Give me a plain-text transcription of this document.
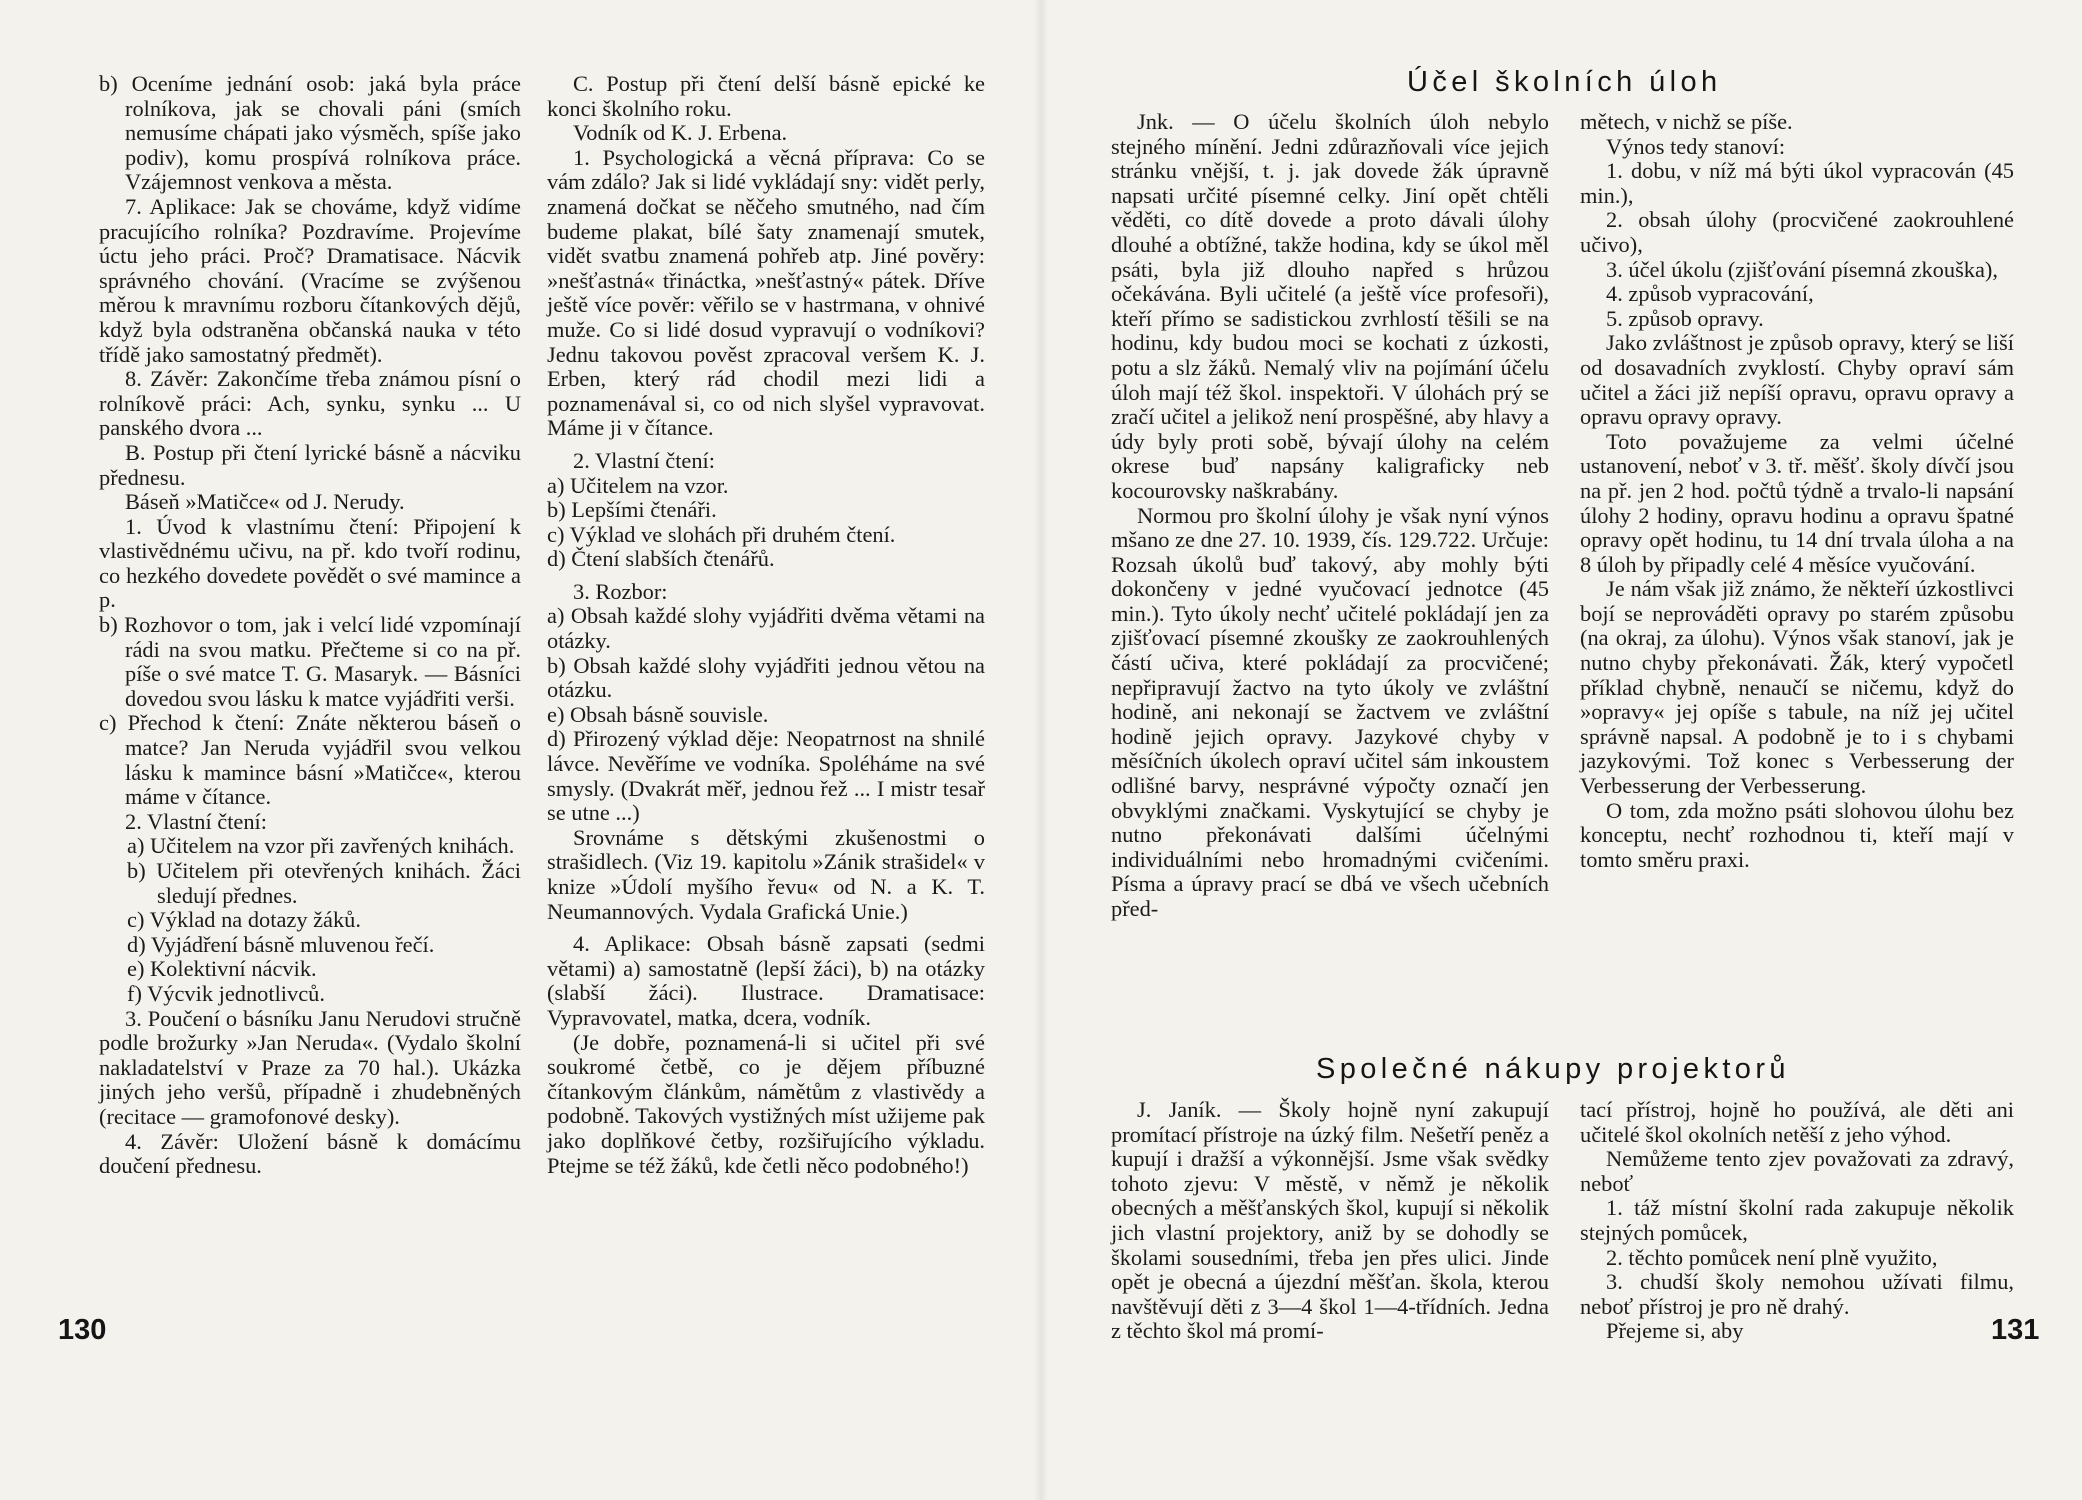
b) Oceníme jednání osob: jaká byla práce rolníkova, jak se chovali páni (smích nemusíme chápati jako výsměch, spíše jako podiv), komu prospívá rolníkova práce. Vzájemnost venkova a města.

7. Aplikace: Jak se chováme, když vidíme pracujícího rolníka? Pozdravíme. Projevíme úctu jeho práci. Proč? Dramatisace. Nácvik správného chování. (Vracíme se zvýšenou měrou k mravnímu rozboru čítankových dějů, když byla odstraněna občanská nauka v této třídě jako samostatný předmět).

8. Závěr: Zakončíme třeba známou písní o rolníkově práci: Ach, synku, synku ... U panského dvora ...

B. Postup při čtení lyrické básně a nácviku přednesu.

Báseň »Matičce« od J. Nerudy.

1. Úvod k vlastnímu čtení: Připojení k vlastivědnému učivu, na př. kdo tvoří rodinu, co hezkého dovedete povědět o své mamince a p.

b) Rozhovor o tom, jak i velcí lidé vzpomínají rádi na svou matku. Přečteme si co na př. píše o své matce T. G. Masaryk. — Básníci dovedou svou lásku k matce vyjádřiti verši.

c) Přechod k čtení: Znáte některou báseň o matce? Jan Neruda vyjádřil svou velkou lásku k mamince básní »Matičce«, kterou máme v čítance.

2. Vlastní čtení:

a) Učitelem na vzor při zavřených knihách.

b) Učitelem při otevřených knihách. Žáci sledují přednes.

c) Výklad na dotazy žáků.

d) Vyjádření básně mluvenou řečí.

e) Kolektivní nácvik.

f) Výcvik jednotlivců.

3. Poučení o básníku Janu Nerudovi stručně podle brožurky »Jan Neruda«. (Vydalo školní nakladatelství v Praze za 70 hal.). Ukázka jiných jeho veršů, případně i zhudebněných (recitace — gramofonové desky).

4. Závěr: Uložení básně k domácímu doučení přednesu.

C. Postup při čtení delší básně epické ke konci školního roku.

Vodník od K. J. Erbena.

1. Psychologická a věcná příprava: Co se vám zdálo? Jak si lidé vykládají sny: vidět perly, znamená dočkat se něčeho smutného, nad čím budeme plakat, bílé šaty znamenají smutek, vidět svatbu znamená pohřeb atp. Jiné pověry: »nešťastná« třináctka, »nešťastný« pátek. Dříve ještě více pověr: věřilo se v hastrmana, v ohnivé muže. Co si lidé dosud vypravují o vodníkovi? Jednu takovou pověst zpracoval veršem K. J. Erben, který rád chodil mezi lidi a poznamenával si, co od nich slyšel vypravovat. Máme ji v čítance.

2. Vlastní čtení:

a) Učitelem na vzor.

b) Lepšími čtenáři.

c) Výklad ve slohách při druhém čtení.

d) Čtení slabších čtenářů.

3. Rozbor:

a) Obsah každé slohy vyjádřiti dvěma větami na otázky.

b) Obsah každé slohy vyjádřiti jednou větou na otázku.

e) Obsah básně souvisle.

d) Přirozený výklad děje: Neopatrnost na shnilé lávce. Nevěříme ve vodníka. Spoléháme na své smysly. (Dvakrát měř, jednou řež ... I mistr tesař se utne ...)

Srovnáme s dětskými zkušenostmi o strašidlech. (Viz 19. kapitolu »Zánik strašidel« v knize »Údolí myšího řevu« od N. a K. T. Neumannových. Vydala Grafická Unie.)

4. Aplikace: Obsah básně zapsati (sedmi větami) a) samostatně (lepší žáci), b) na otázky (slabší žáci). Ilustrace. Dramatisace: Vypravovatel, matka, dcera, vodník.

(Je dobře, poznamená-li si učitel při své soukromé četbě, co je dějem příbuzné čítankovým článkům, námětům z vlastivědy a podobně. Takových vystižných míst užijeme pak jako doplňkové četby, rozšiřujícího výkladu. Ptejme se též žáků, kde četli něco podobného!)

130
Účel školních úloh

Jnk. — O účelu školních úloh nebylo stejného mínění. Jedni zdůrazňovali více jejich stránku vnější, t. j. jak dovede žák úpravně napsati určité písemné celky. Jiní opět chtěli věděti, co dítě dovede a proto dávali úlohy dlouhé a obtížné, takže hodina, kdy se úkol měl psáti, byla již dlouho napřed s hrůzou očekávána. Byli učitelé (a ještě více profesoři), kteří přímo se sadistickou zvrhlostí těšili se na hodinu, kdy budou moci se kochati z úzkosti, potu a slz žáků. Nemalý vliv na pojímání účelu úloh mají též škol. inspektoři. V úlohách prý se zračí učitel a jelikož není prospěšné, aby hlavy a údy byly proti sobě, bývají úlohy na celém okrese buď napsány kaligraficky neb kocourovsky naškrabány.

Normou pro školní úlohy je však nyní výnos mšano ze dne 27. 10. 1939, čís. 129.722. Určuje: Rozsah úkolů buď takový, aby mohly býti dokončeny v jedné vyučovací jednotce (45 min.). Tyto úkoly nechť učitelé pokládají jen za zjišťovací písemné zkoušky ze zaokrouhlených částí učiva, které pokládají za procvičené; nepřipravují žactvo na tyto úkoly ve zvláštní hodině, ani nekonají se žactvem ve zvláštní hodině jejich opravy. Jazykové chyby v měsíčních úkolech opraví učitel sám inkoustem odlišné barvy, nesprávné výpočty označí jen obvyklými značkami. Vyskytující se chyby je nutno překonávati dalšími účelnými individuálními nebo hromadnými cvičeními. Písma a úpravy prací se dbá ve všech učebních před-

mětech, v nichž se píše.

Výnos tedy stanoví:

1. dobu, v níž má býti úkol vypracován (45 min.),

2. obsah úlohy (procvičené zaokrouhlené učivo),

3. účel úkolu (zjišťování písemná zkouška),

4. způsob vypracování,

5. způsob opravy.

Jako zvláštnost je způsob opravy, který se liší od dosavadních zvyklostí. Chyby opraví sám učitel a žáci již nepíší opravu, opravu opravy a opravu opravy opravy.

Toto považujeme za velmi účelné ustanovení, neboť v 3. tř. měšť. školy dívčí jsou na př. jen 2 hod. počtů týdně a trvalo-li napsání úlohy 2 hodiny, opravu hodinu a opravu špatné opravy opět hodinu, tu 14 dní trvala úloha a na 8 úloh by připadly celé 4 měsíce vyučování.

Je nám však již známo, že někteří úzkostlivci bojí se neprováděti opravy po starém způsobu (na okraj, za úlohu). Výnos však stanoví, jak je nutno chyby překonávati. Žák, který vypočetl příklad chybně, nenaučí se ničemu, když do »opravy« jej opíše s tabule, na níž jej učitel správně napsal. A podobně je to i s chybami jazykovými. Tož konec s Verbesserung der Verbesserung der Verbesserung.

O tom, zda možno psáti slohovou úlohu bez konceptu, nechť rozhodnou ti, kteří mají v tomto směru praxi.

Společné nákupy projektorů

J. Janík. — Školy hojně nyní zakupují promítací přístroje na úzký film. Nešetří peněz a kupují i dražší a výkonnější. Jsme však svědky tohoto zjevu: V městě, v němž je několik obecných a měšťanských škol, kupují si několik jich vlastní projektory, aniž by se dohodly se školami sousedními, třeba jen přes ulici. Jinde opět je obecná a újezdní měšťan. škola, kterou navštěvují děti z 3—4 škol 1—4-třídních. Jedna z těchto škol má promí-

tací přístroj, hojně ho používá, ale děti ani učitelé škol okolních netěší z jeho výhod.

Nemůžeme tento zjev považovati za zdravý, neboť

1. táž místní školní rada zakupuje několik stejných pomůcek,

2. těchto pomůcek není plně využito,

3. chudší školy nemohou užívati filmu, neboť přístroj je pro ně drahý.

Přejeme si, aby	131
